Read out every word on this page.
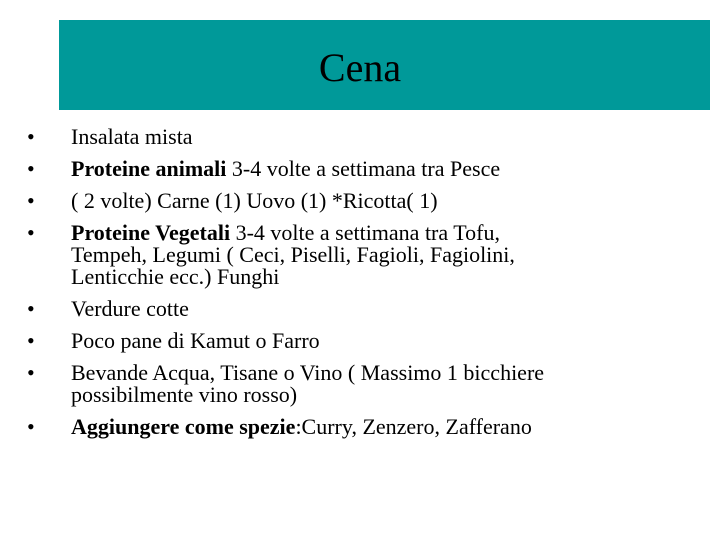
Cena
• Insalata mista
• Proteine animali 3-4 volte a settimana tra Pesce
• ( 2 volte) Carne (1) Uovo (1) *Ricotta( 1)
• Proteine Vegetali 3-4 volte a settimana tra Tofu,
Tempeh, Legumi ( Ceci, Piselli, Fagioli, Fagiolini,
Lenticchie ecc.) Funghi
• Verdure cotte
• Poco pane di Kamut o Farro
• Bevande Acqua, Tisane o Vino ( Massimo 1 bicchiere
possibilmente vino rosso)
• Aggiungere come spezie:Curry, Zenzero, Zafferano
